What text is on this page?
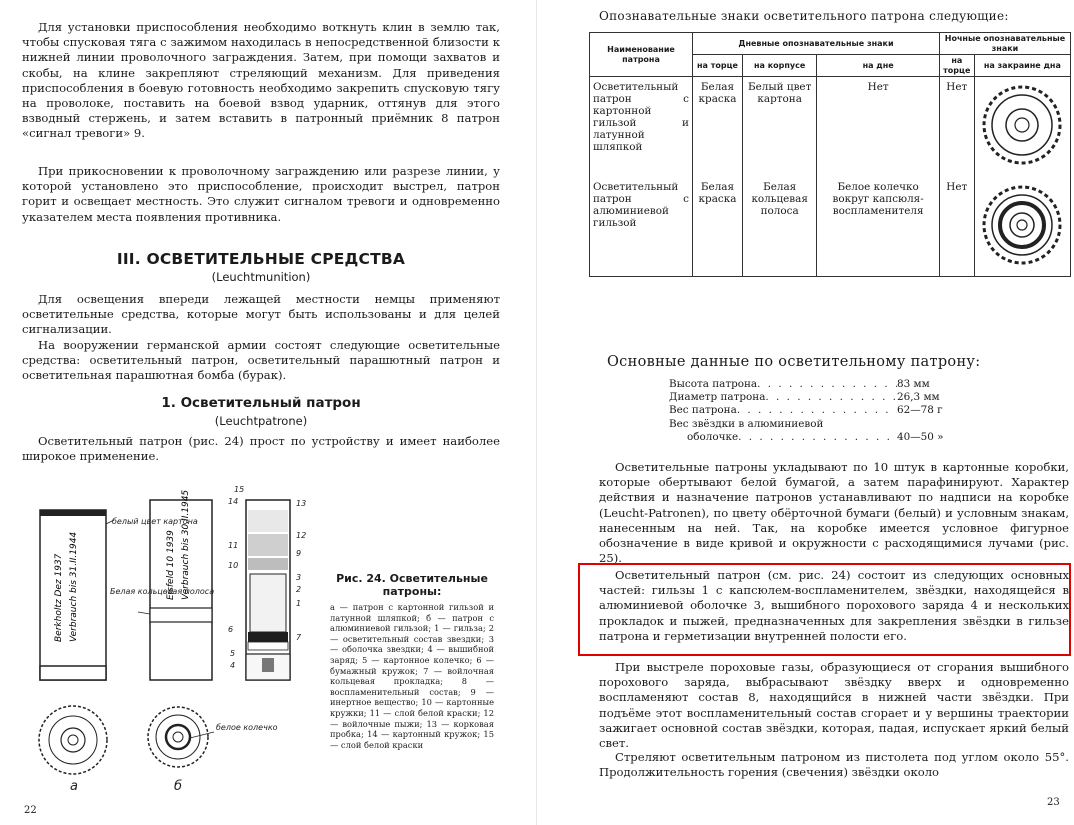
Для установки приспособления необходимо воткнуть клин в землю так, чтобы спусковая тяга с зажимом находилась в непосредственной близости к нижней линии проволочного заграждения. Затем, при помощи захватов и скобы, на клине закрепляют стреляющий механизм. Для приведения приспособления в боевую готовность необходимо закрепить спусковую тягу на проволоке, поставить на боевой взвод ударник, оттянув для этого взводный стержень, и затем вставить в патронный приёмник 8 патрон «сигнал тревоги» 9.

При прикосновении к проволочному заграждению или разрезе линии, у которой установлено это приспособление, происходит выстрел, патрон горит и освещает местность. Это служит сигналом тревоги и одновременно указателем места появления противника.

III. ОСВЕТИТЕЛЬНЫЕ СРЕДСТВА
(Leuchtmunition)

Для освещения впереди лежащей местности немцы применяют осветительные средства, которые могут быть использованы и для целей сигнализации.

На вооружении германской армии состоят следующие осветительные средства: осветительный патрон, осветительный парашютный патрон и осветительная парашютная бомба (бурак).

1. Осветительный патрон
(Leuchtpatrone)

Осветительный патрон (рис. 24) прост по устройству и имеет наиболее широкое применение.

Berkholtz Dez 1937 Verbrauch bis 31.II.1944	Eisfeld 10 1939 Verbrauch bis 30.II.1945
белый цвет картона
Белая кольцевая полоса
15
14	13
12
11
9
10
3
2
1
6
7
5
4
белое колечко
а	б
Рис. 24. Осветительные патроны:
а — патрон с картонной гильзой и латунной шляпкой; б — патрон с алюминиевой гильзой; 1 — гильза; 2 — осветительный состав звездки; 3 — оболочка звездки; 4 — вышибной заряд; 5 — картонное колечко; 6 — бумажный кружок; 7 — войлочная кольцевая прокладка; 8 — воспламенительный состав; 9 — инертное вещество; 10 — картонные кружки; 11 — слой белой краски; 12 — войлочные пыжи; 13 — корковая пробка; 14 — картонный кружок; 15 — слой белой краски
22
Опознавательные знаки осветительного патрона следующие:
Наименование патрона	Дневные опознавательные знаки			Ночные опознавательные знаки	
	на торце	на корпусе	на дне	на торце	на закраине дна
Осветительный патрон с картонной гильзой и латунной шляпкой	Белая краска	Белый цвет картона	Нет	Нет	
Осветительный патрон с алюминиевой гильзой	Белая краска	Белая кольцевая полоса	Белое колечко вокруг капсюля-воспламенителя	Нет	
Основные данные по осветительному патрону:
Высота патрона . . .	83 мм
Диаметр патрона . . .	26,3 мм
Вес патрона . . .	62—78 г
Вес звёздки в алюминиевой
оболочке . . .	40—50 »

Осветительные патроны укладывают по 10 штук в картонные коробки, которые обертывают белой бумагой, а затем парафинируют. Характер действия и назначение патронов устанавливают по надписи на коробке (Leucht-Patronen), по цвету обёрточной бумаги (белый) и условным знакам, нанесенным на ней. Так, на коробке имеется условное фигурное обозначение в виде кривой и окружности с расходящимися лучами (рис. 25).

Осветительный патрон (см. рис. 24) состоит из следующих основных частей: гильзы 1 с капсюлем-воспламенителем, звёздки, находящейся в алюминиевой оболочке 3, вышибного порохового заряда 4 и нескольких прокладок и пыжей, предназначенных для закрепления звёздки в гильзе патрона и герметизации внутренней полости его.

При выстреле пороховые газы, образующиеся от сгорания вышибного порохового заряда, выбрасывают звёздку вверх и одновременно воспламеняют состав 8, находящийся в нижней части звёздки. При подъёме этот воспламенительный состав сгорает и у вершины траектории зажигает основной состав звёздки, которая, падая, испускает яркий белый свет.

Стреляют осветительным патроном из пистолета под углом около 55°. Продолжительность горения (свечения) звёздки около

23
